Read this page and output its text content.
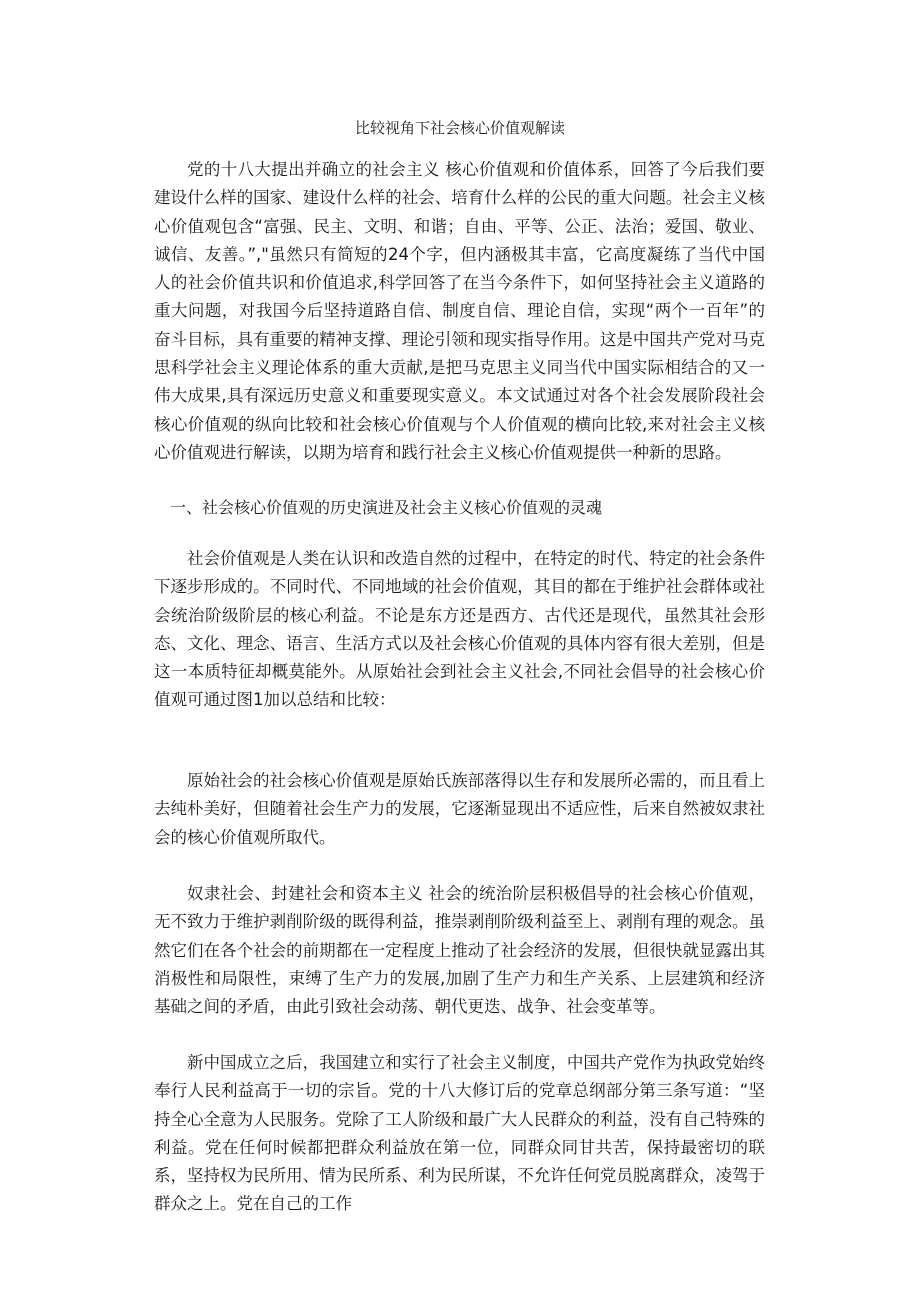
比较视角下社会核心价值观解读

党的十八大提出并确立的社会主义 核心价值观和价值体系，回答了今后我们要建设什么样的国家、建设什么样的社会、培育什么样的公民的重大问题。社会主义核心价值观包含“富强、民主、文明、和谐；自由、平等、公正、法治；爱国、敬业、诚信、友善。”,"虽然只有简短的24个字，但内涵极其丰富，它高度凝练了当代中国人的社会价值共识和价值追求,科学回答了在当今条件下，如何坚持社会主义道路的重大问题，对我国今后坚持道路自信、制度自信、理论自信，实现“两个一百年”的奋斗目标，具有重要的精神支撑、理论引领和现实指导作用。这是中国共产党对马克思科学社会主义理论体系的重大贡献,是把马克思主义同当代中国实际相结合的又一伟大成果,具有深远历史意义和重要现实意义。本文试通过对各个社会发展阶段社会核心价值观的纵向比较和社会核心价值观与个人价值观的横向比较,来对社会主义核心价值观进行解读，以期为培育和践行社会主义核心价值观提供一种新的思路。

一、社会核心价值观的历史演进及社会主义核心价值观的灵魂

社会价值观是人类在认识和改造自然的过程中，在特定的时代、特定的社会条件下逐步形成的。不同时代、不同地域的社会价值观，其目的都在于维护社会群体或社会统治阶级阶层的核心利益。不论是东方还是西方、古代还是现代，虽然其社会形态、文化、理念、语言、生活方式以及社会核心价值观的具体内容有很大差别，但是这一本质特征却概莫能外。从原始社会到社会主义社会,不同社会倡导的社会核心价值观可通过图1加以总结和比较：

原始社会的社会核心价值观是原始氏族部落得以生存和发展所必需的，而且看上去纯朴美好，但随着社会生产力的发展，它逐渐显现出不适应性，后来自然被奴隶社会的核心价值观所取代。

奴隶社会、封建社会和资本主义 社会的统治阶层积极倡导的社会核心价值观，无不致力于维护剥削阶级的既得利益，推崇剥削阶级利益至上、剥削有理的观念。虽然它们在各个社会的前期都在一定程度上推动了社会经济的发展，但很快就显露出其消极性和局限性，束缚了生产力的发展,加剧了生产力和生产关系、上层建筑和经济基础之间的矛盾，由此引致社会动荡、朝代更迭、战争、社会变革等。

新中国成立之后，我国建立和实行了社会主义制度，中国共产党作为执政党始终奉行人民利益高于一切的宗旨。党的十八大修订后的党章总纲部分第三条写道：“坚持全心全意为人民服务。党除了工人阶级和最广大人民群众的利益，没有自己特殊的利益。党在任何时候都把群众利益放在第一位，同群众同甘共苦，保持最密切的联系，坚持权为民所用、情为民所系、利为民所谋，不允许任何党员脱离群众，凌驾于群众之上。党在自己的工作
